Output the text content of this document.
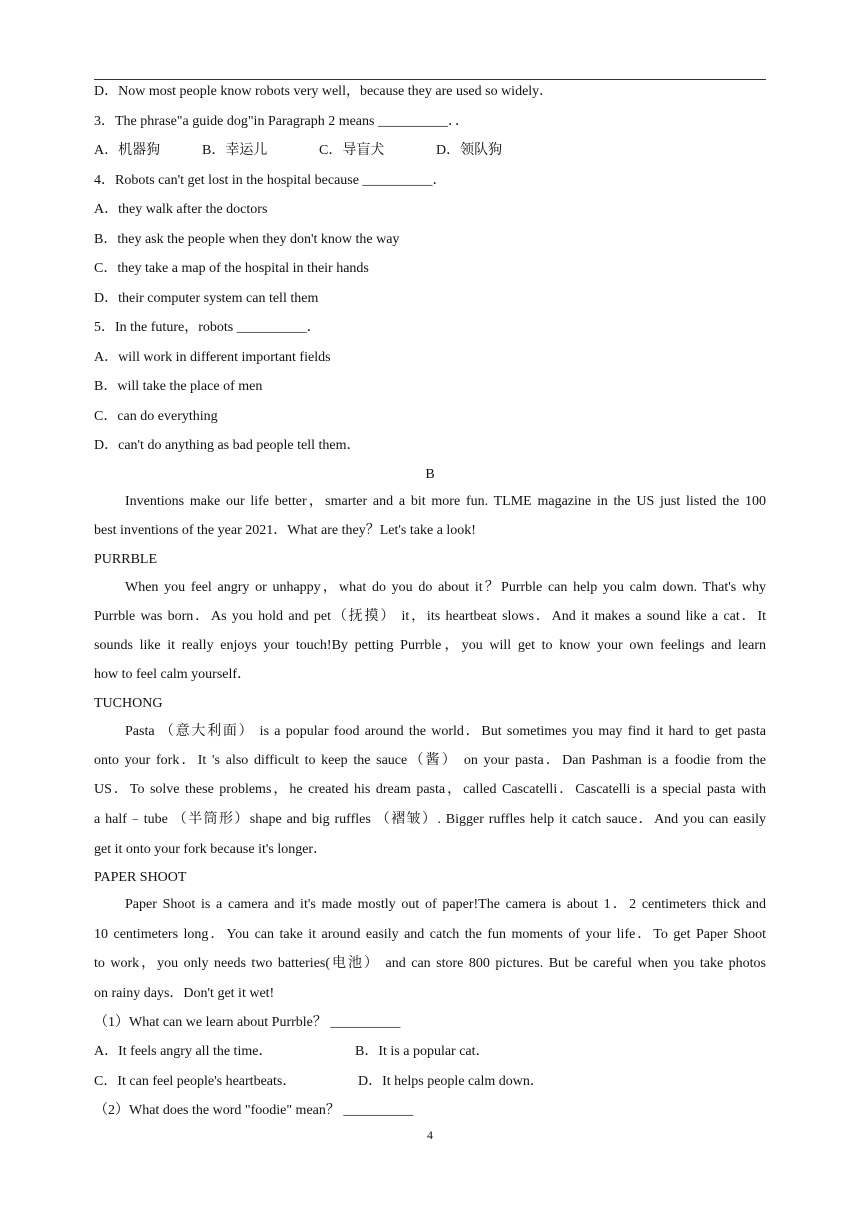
D．Now most people know robots very well，because they are used so widely．
3．The phrase"a guide dog"in Paragraph 2 means __________．．
A．机器狗	B．幸运儿	C．导盲犬	D．领队狗
4．Robots can't get lost in the hospital because __________．
A．they walk after the doctors
B．they ask the people when they don't know the way
C．they take a map of the hospital in their hands
D．their computer system can tell them
5．In the future，robots __________．
A．will work in different important fields
B．will take the place of men
C．can do everything
D．can't do anything as bad people tell them．
B
Inventions make our life better，smarter and a bit more fun. TLME magazine in the US just listed the 100
best inventions of the year 2021．What are they？Let's take a look!
PURRBLE
When you feel angry or unhappy，what do you do about it？Purrble can help you calm down. That's why
Purrble was born．As you hold and pet（抚摸） it，its heartbeat slows．And it makes a sound like a cat．It
sounds like it really enjoys your touch!By petting Purrble，you will get to know your own feelings and learn
how to feel calm yourself．
TUCHONG
Pasta （意大利面） is a popular food around the world．But sometimes you may find it hard to get pasta
onto your fork．It 's also difficult to keep the sauce（酱） on your pasta．Dan Pashman is a foodie from the
US．To solve these problems，he created his dream pasta，called Cascatelli．Cascatelli is a special pasta with
a half﹣tube （半筒形）shape and big ruffles （褶皱）. Bigger ruffles help it catch sauce．And you can easily
get it onto your fork because it's longer．
PAPER SHOOT
Paper Shoot is a camera and it's made mostly out of paper!The camera is about 1．2 centimeters thick and
10 centimeters long．You can take it around easily and catch the fun moments of your life．To get Paper Shoot
to work，you only needs two batteries(电池） and can store 800 pictures. But be careful when you take photos
on rainy days．Don't get it wet!
（1）What can we learn about Purrble？ __________
A．It feels angry all the time．	B．It is a popular cat．
C．It can feel people's heartbeats．	D．It helps people calm down．
（2）What does the word "foodie" mean？ __________
4
